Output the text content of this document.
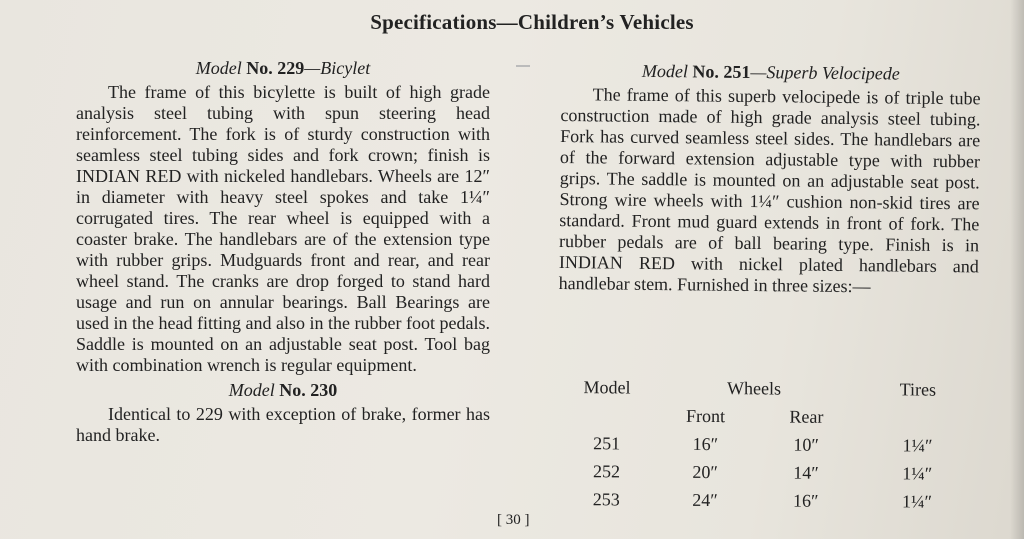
Specifications—Children’s Vehicles
Model No. 229—Bicylet

The frame of this bicylette is built of high grade analysis steel tubing with spun steering head reinforcement. The fork is of sturdy construction with seamless steel tubing sides and fork crown; finish is INDIAN RED with nickeled handlebars. Wheels are 12″ in diameter with heavy steel spokes and take 1¼″ corrugated tires. The rear wheel is equipped with a coaster brake. The handlebars are of the extension type with rubber grips. Mudguards front and rear, and rear wheel stand. The cranks are drop forged to stand hard usage and run on annular bearings. Ball Bearings are used in the head fitting and also in the rubber foot pedals. Saddle is mounted on an adjustable seat post. Tool bag with combination wrench is regular equipment.

Model No. 230

Identical to 229 with exception of brake, former has hand brake.

Model No. 251—Superb Velocipede

The frame of this superb velocipede is of triple tube construction made of high grade analysis steel tubing. Fork has curved seamless steel sides. The handlebars are of the forward extension adjustable type with rubber grips. The saddle is mounted on an adjustable seat post. Strong wire wheels with 1¼″ cushion non-skid tires are standard. Front mud guard extends in front of fork. The rubber pedals are of ball bearing type. Finish is in INDIAN RED with nickel plated handlebars and handlebar stem. Furnished in three sizes:—

Model	Wheels		Tires
	Front	Rear	
251	16″	10″	1¼″
252	20″	14″	1¼″
253	24″	16″	1¼″
[ 30 ]
